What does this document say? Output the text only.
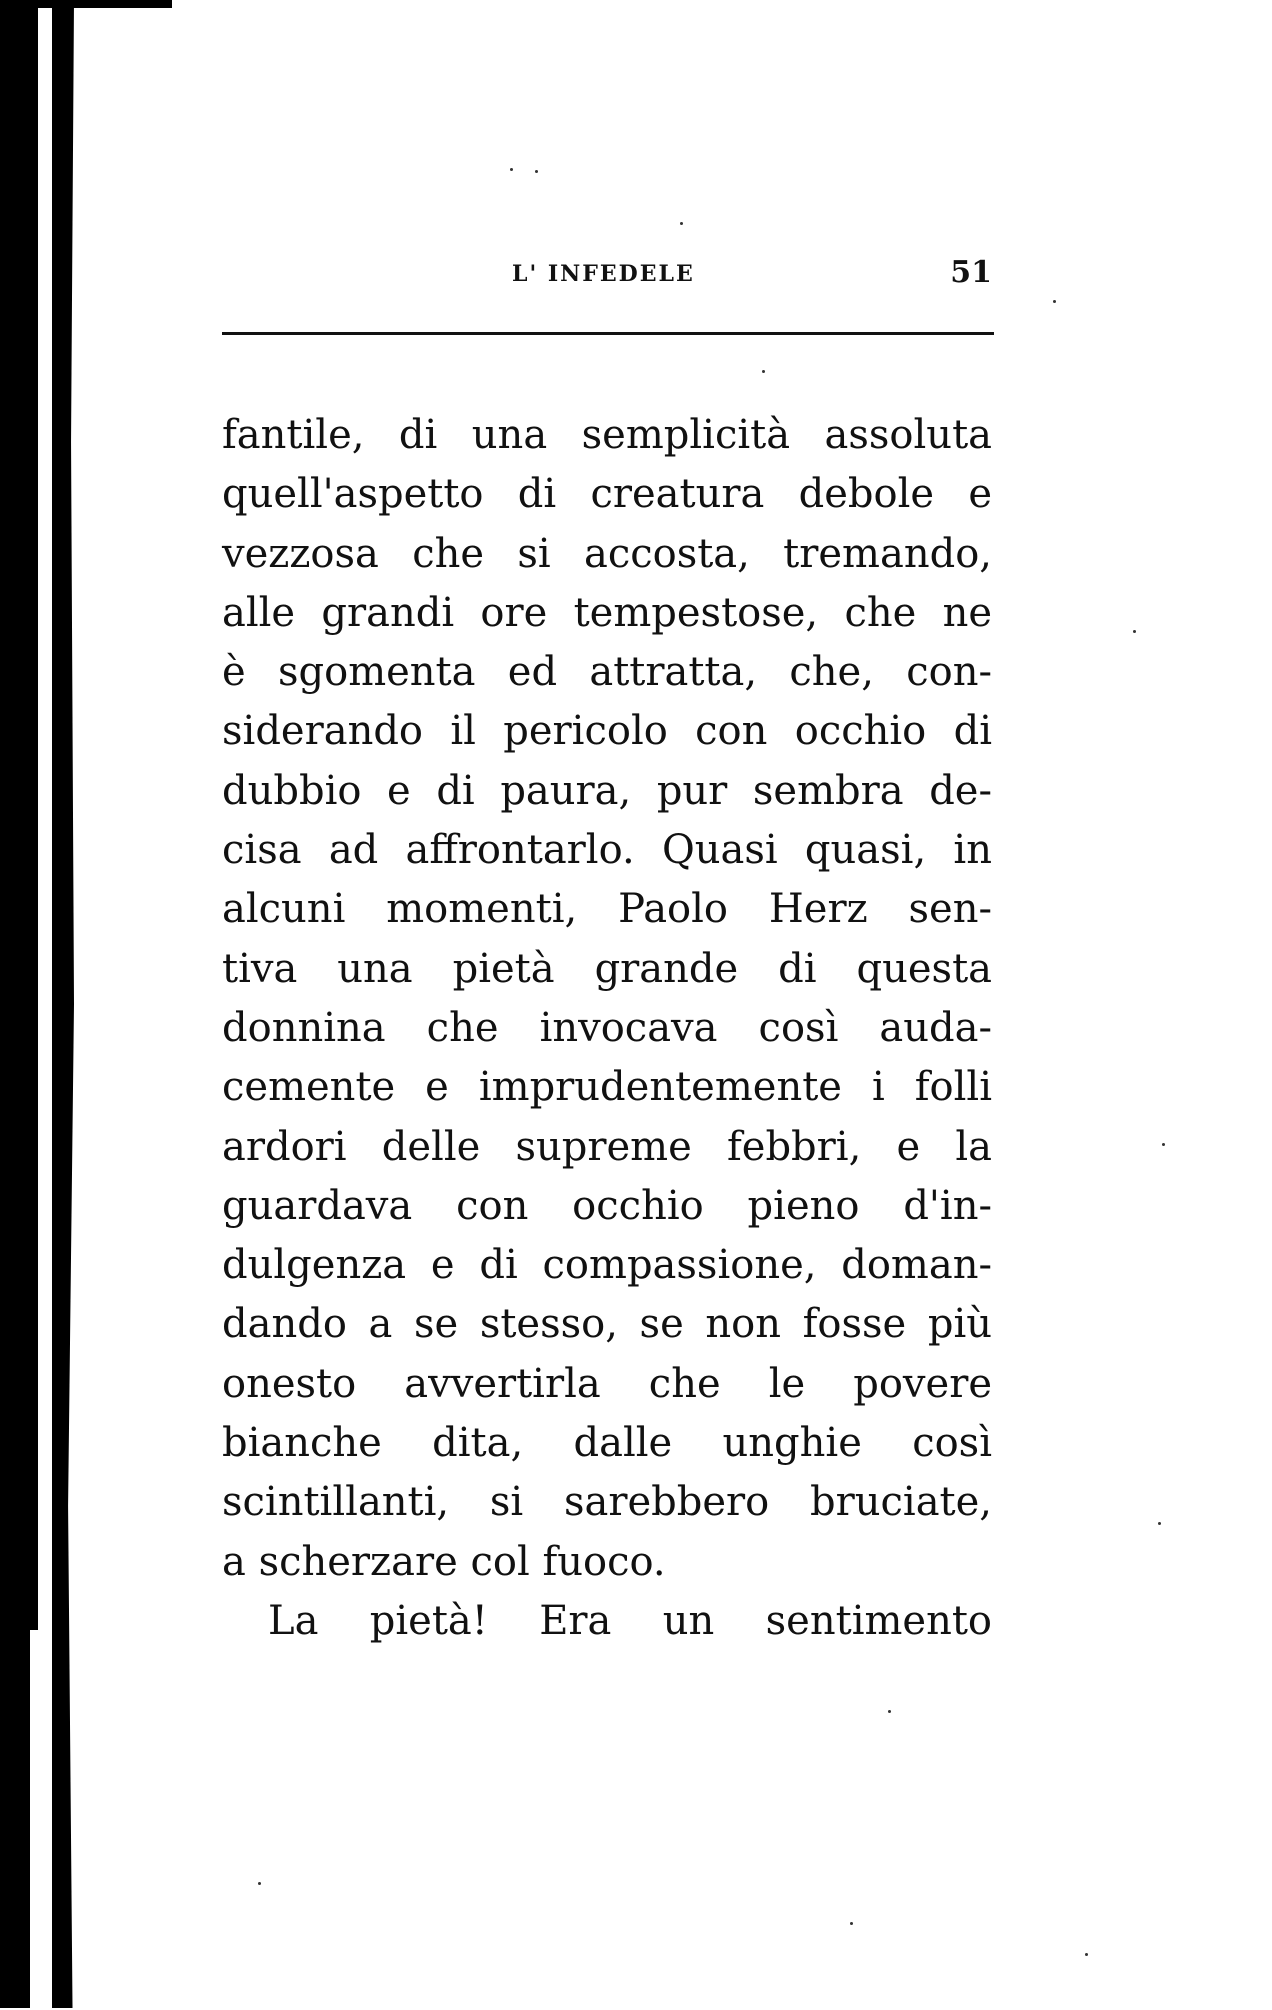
L' INFEDELE	51
fantile, di una semplicità assoluta
quell'aspetto di creatura debole e
vezzosa che si accosta, tremando,
alle grandi ore tempestose, che ne
è sgomenta ed attratta, che, con-
siderando il pericolo con occhio di
dubbio e di paura, pur sembra de-
cisa ad affrontarlo. Quasi quasi, in
alcuni momenti, Paolo Herz sen-
tiva una pietà grande di questa
donnina che invocava così auda-
cemente e imprudentemente i folli
ardori delle supreme febbri, e la
guardava con occhio pieno d'in-
dulgenza e di compassione, doman-
dando a se stesso, se non fosse più
onesto avvertirla che le povere
bianche dita, dalle unghie così
scintillanti, si sarebbero bruciate,
a scherzare col fuoco.
La pietà! Era un sentimento
